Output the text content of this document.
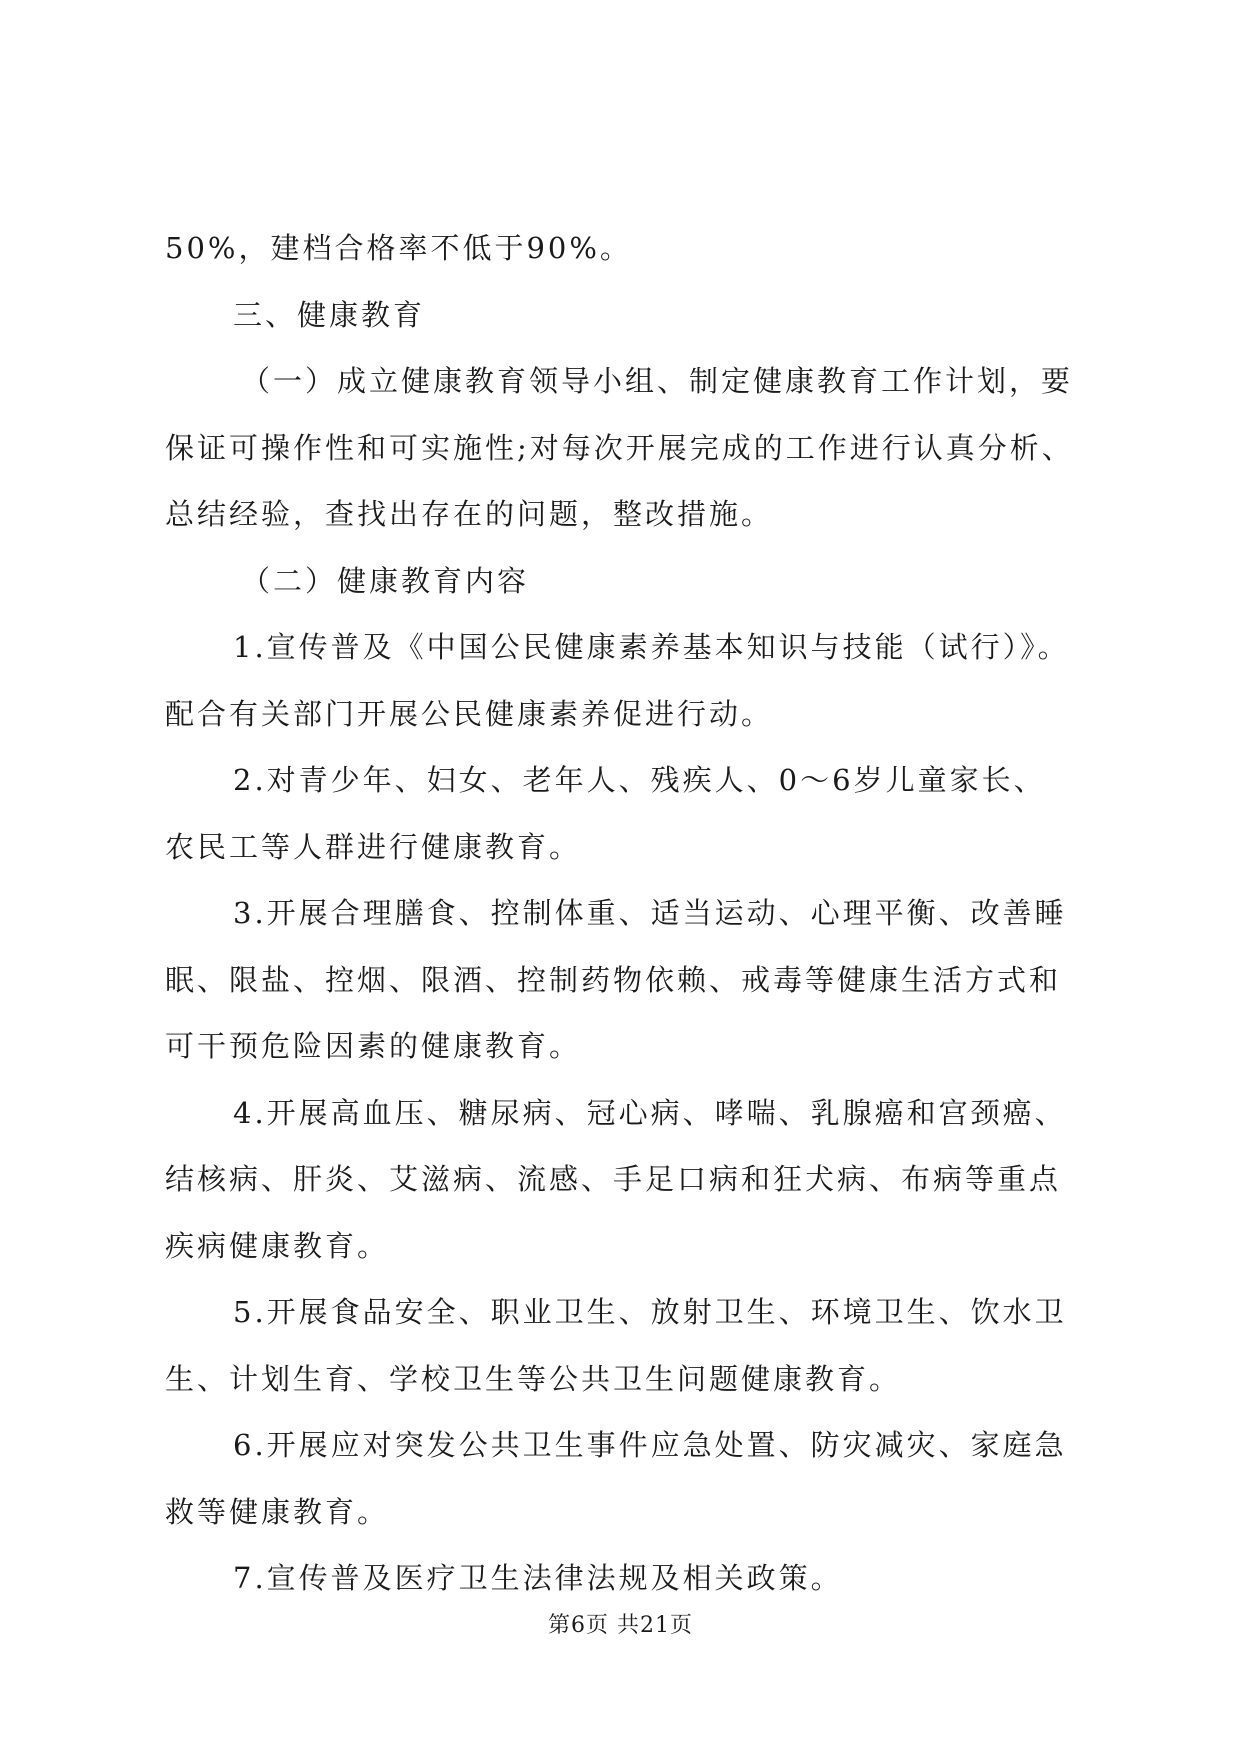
50%，建档合格率不低于90%。

三、健康教育

（一）成立健康教育领导小组、制定健康教育工作计划，要

保证可操作性和可实施性;对每次开展完成的工作进行认真分析、

总结经验，查找出存在的问题，整改措施。

（二）健康教育内容

1.宣传普及《中国公民健康素养基本知识与技能（试行）》。

配合有关部门开展公民健康素养促进行动。

2.对青少年、妇女、老年人、残疾人、0～6岁儿童家长、

农民工等人群进行健康教育。

3.开展合理膳食、控制体重、适当运动、心理平衡、改善睡

眠、限盐、控烟、限酒、控制药物依赖、戒毒等健康生活方式和

可干预危险因素的健康教育。

4.开展高血压、糖尿病、冠心病、哮喘、乳腺癌和宫颈癌、

结核病、肝炎、艾滋病、流感、手足口病和狂犬病、布病等重点

疾病健康教育。

5.开展食品安全、职业卫生、放射卫生、环境卫生、饮水卫

生、计划生育、学校卫生等公共卫生问题健康教育。

6.开展应对突发公共卫生事件应急处置、防灾减灾、家庭急

救等健康教育。

7.宣传普及医疗卫生法律法规及相关政策。

第6页 共21页
